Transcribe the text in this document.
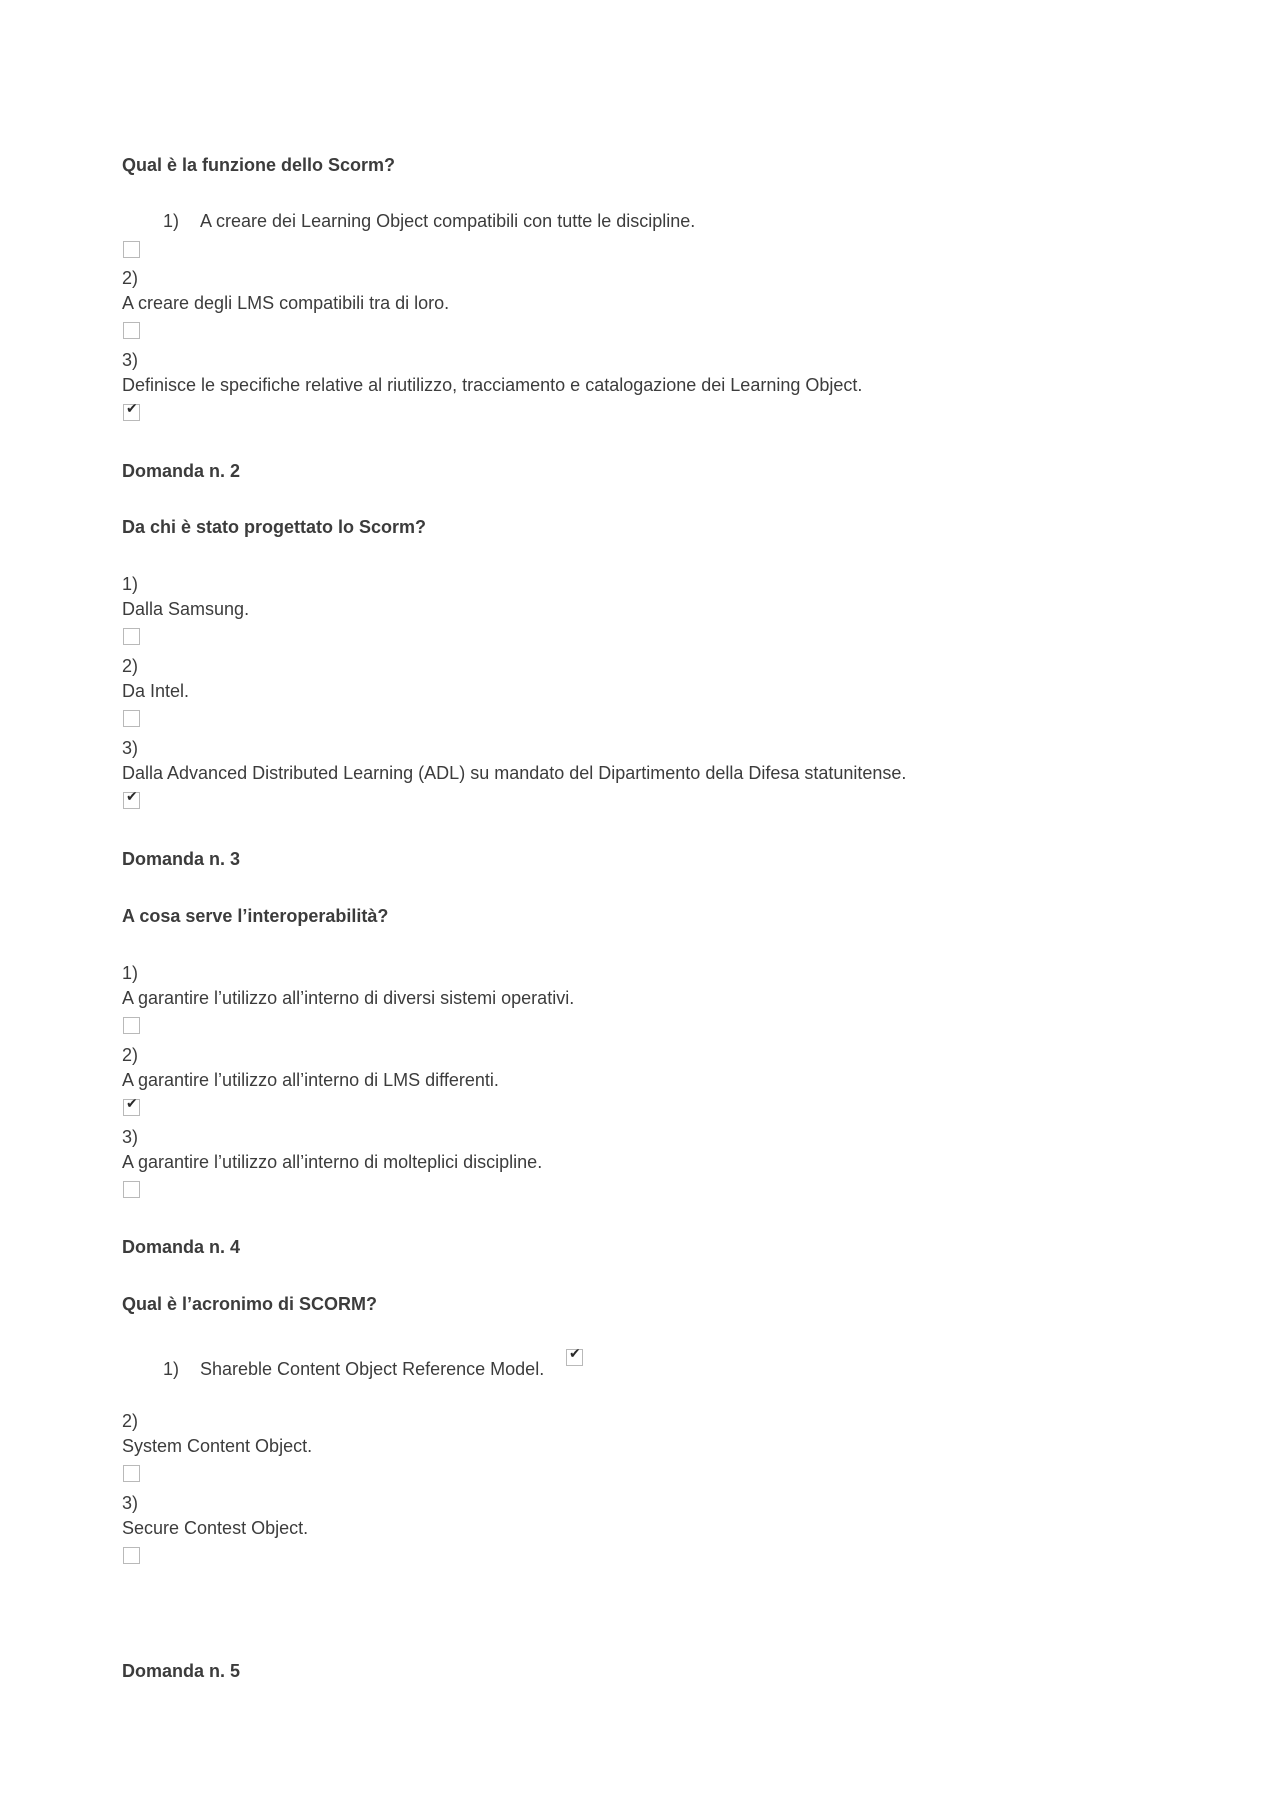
Qual è la funzione dello Scorm?
1) A creare dei Learning Object compatibili con tutte le discipline.
2)
A creare degli LMS compatibili tra di loro.
3)
Definisce le specifiche relative al riutilizzo, tracciamento e catalogazione dei Learning Object.
✔
Domanda n. 2
Da chi è stato progettato lo Scorm?
1)
Dalla Samsung.
2)
Da Intel.
3)
Dalla Advanced Distributed Learning (ADL) su mandato del Dipartimento della Difesa statunitense.
✔
Domanda n. 3
A cosa serve l’interoperabilità?
1)
A garantire l’utilizzo all’interno di diversi sistemi operativi.
2)
A garantire l’utilizzo all’interno di LMS differenti.
✔
3)
A garantire l’utilizzo all’interno di molteplici discipline.
Domanda n. 4
Qual è l’acronimo di SCORM?
1) Shareble Content Object Reference Model.
✔
2)
System Content Object.
3)
Secure Contest Object.
Domanda n. 5
